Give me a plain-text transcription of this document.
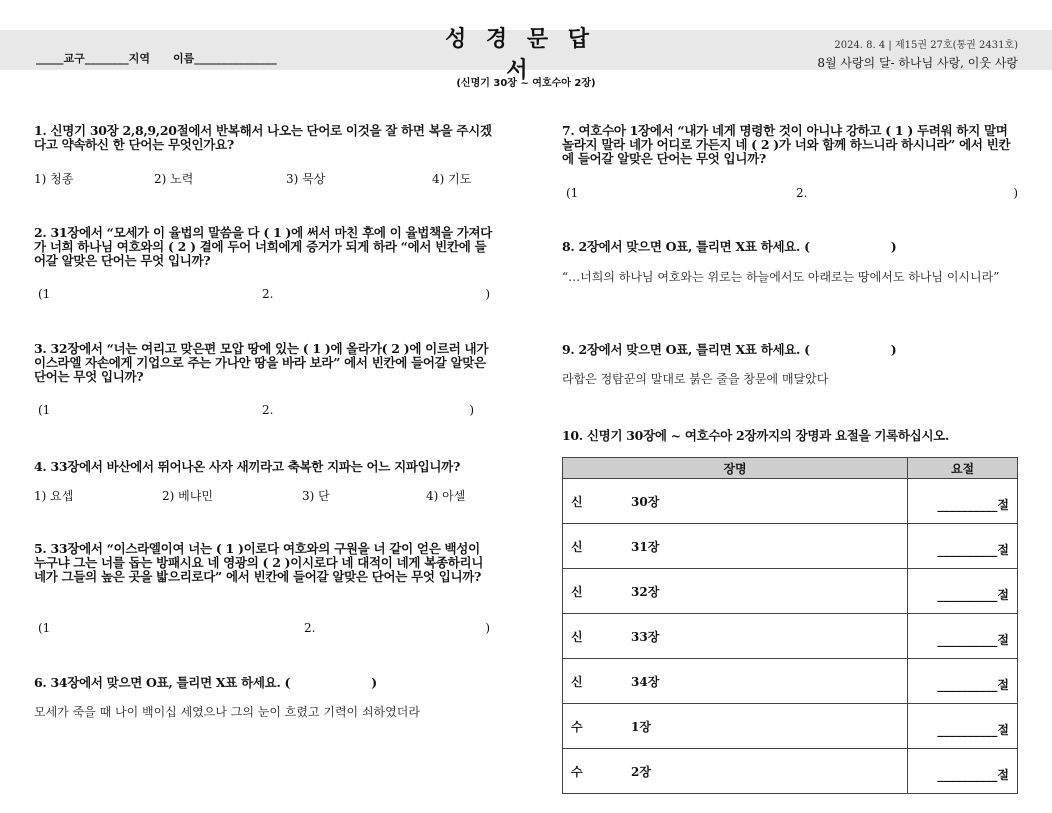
성 경 문 답 서
_____교구________지역      이름_______________
2024. 8. 4 | 제15권 27호(통권 2431호)
8월 사랑의 달- 하나님 사랑, 이웃 사랑
(신명기 30장 ~ 여호수아 2장)
1. 신명기 30장 2,8,9,20절에서 반복해서 나오는 단어로 이것을 잘 하면 복을 주시겠다고 약속하신 한 단어는 무엇인가요?
1) 청종	2) 노력	3) 묵상	4) 기도
2. 31장에서 “모세가 이 율법의 말씀을 다 ( 1 )에 써서 마친 후에 이 율법책을 가져다가 너희 하나님 여호와의 ( 2 ) 곁에 두어 너희에게 증거가 되게 하라 “에서 빈칸에 들어갈 알맞은 단어는 무엇 입니까?
(1	2.	)
3. 32장에서 “너는 여리고 맞은편 모압 땅에 있는 ( 1 )에 올라가( 2 )에 이르러 내가 이스라엘 자손에게 기업으로 주는 가나안 땅을 바라 보라” 에서 빈칸에 들어갈 알맞은 단어는 무엇 입니까?
(1	2.	)
4. 33장에서 바산에서 뛰어나온 사자 새끼라고 축복한 지파는 어느 지파입니까?
1) 요셉	2) 베냐민	3) 단	4) 아셀
5. 33장에서 “이스라엘이여 너는 ( 1 )이로다 여호와의 구원을 너 같이 얻은 백성이 누구냐 그는 너를 돕는 방패시요 네 영광의 ( 2 )이시로다 네 대적이 네게 복종하리니 네가 그들의 높은 곳을 밟으리로다” 에서 빈칸에 들어갈 알맞은 단어는 무엇 입니까?
(1	2.	)
6. 34장에서 맞으면 O표, 틀리면 X표 하세요. (                    )
모세가 죽을 때 나이 백이십 세였으나 그의 눈이 흐렸고 기력이 쇠하였더라
7. 여호수아 1장에서 “내가 네게 명령한 것이 아니냐 강하고 ( 1 ) 두려워 하지 말며 놀라지 말라 네가 어디로 가든지 네 ( 2 )가 너와 함께 하느니라 하시니라” 에서 빈칸에 들어갈 알맞은 단어는 무엇 입니까?
(1	2.	)
8. 2장에서 맞으면 O표, 틀리면 X표 하세요. (                    )
“…너희의 하나님 여호와는 위로는 하늘에서도 아래로는 땅에서도 하나님 이시니라”
9. 2장에서 맞으면 O표, 틀리면 X표 하세요. (                    )
라합은 정탐꾼의 말대로 붉은 줄을 창문에 매달았다
10. 신명기 30장에 ~ 여호수아 2장까지의 장명과 요절을 기록하십시오.
장명	요절
신 30장	__________절
신 31장	__________절
신 32장	__________절
신 33장	__________절
신 34장	__________절
수 1장	__________절
수 2장	__________절
